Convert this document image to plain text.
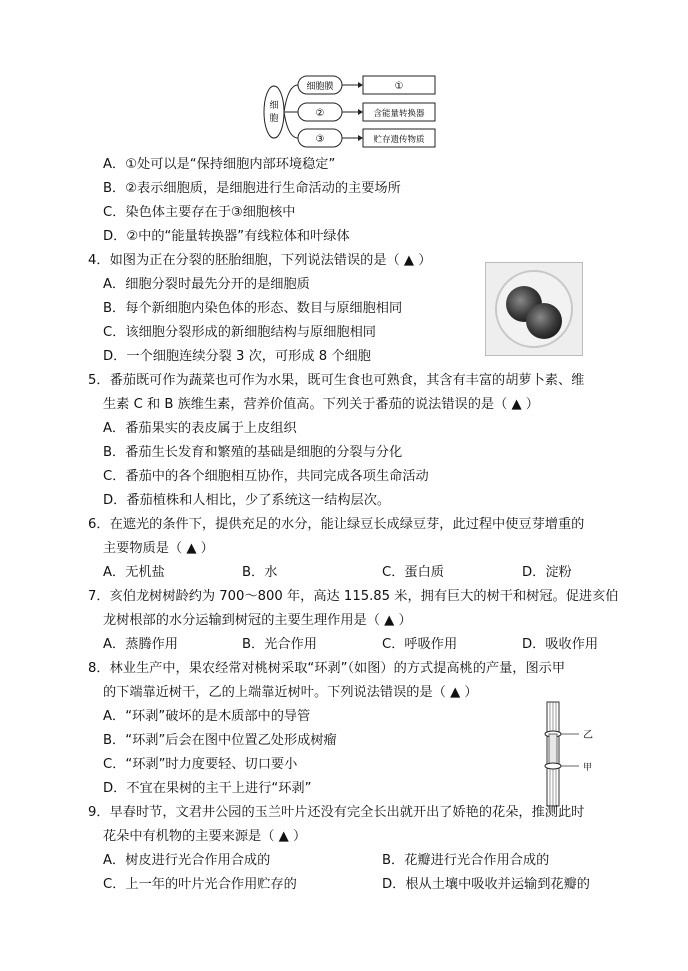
细
胞
细胞膜
②
③
①
含能量转换器
贮存遗传物质
A．①处可以是“保持细胞内部环境稳定”
B．②表示细胞质，是细胞进行生命活动的主要场所
C．染色体主要存在于③细胞核中
D．②中的“能量转换器”有线粒体和叶绿体
4．如图为正在分裂的胚胎细胞，下列说法错误的是（ ▲ ）
A．细胞分裂时最先分开的是细胞质
B．每个新细胞内染色体的形态、数目与原细胞相同
C．该细胞分裂形成的新细胞结构与原细胞相同
D．一个细胞连续分裂 3 次，可形成 8 个细胞
5．番茄既可作为蔬菜也可作为水果，既可生食也可熟食，其含有丰富的胡萝卜素、维
生素 C 和 B 族维生素，营养价值高。下列关于番茄的说法错误的是（ ▲ ）
A．番茄果实的表皮属于上皮组织
B．番茄生长发育和繁殖的基础是细胞的分裂与分化
C．番茄中的各个细胞相互协作，共同完成各项生命活动
D．番茄植株和人相比，少了系统这一结构层次。
6．在遮光的条件下，提供充足的水分，能让绿豆长成绿豆芽，此过程中使豆芽增重的
主要物质是（ ▲ ）
A．无机盐	B．水	C．蛋白质	D．淀粉
7．亥伯龙树树龄约为 700～800 年，高达 115.85 米，拥有巨大的树干和树冠。促进亥伯
龙树根部的水分运输到树冠的主要生理作用是（ ▲ ）
A．蒸腾作用	B．光合作用	C．呼吸作用	D．吸收作用
8．林业生产中，果农经常对桃树采取“环剥”（如图）的方式提高桃的产量，图示甲
的下端靠近树干，乙的上端靠近树叶。下列说法错误的是（ ▲ ）
A．“环剥”破坏的是木质部中的导管
B．“环剥”后会在图中位置乙处形成树瘤
C．“环剥”时力度要轻、切口要小
D．不宜在果树的主干上进行“环剥”
乙
甲
9．早春时节，文君井公园的玉兰叶片还没有完全长出就开出了娇艳的花朵，推测此时
花朵中有机物的主要来源是（ ▲ ）
A．树皮进行光合作用合成的	B．花瓣进行光合作用合成的
C．上一年的叶片光合作用贮存的	D．根从土壤中吸收并运输到花瓣的
